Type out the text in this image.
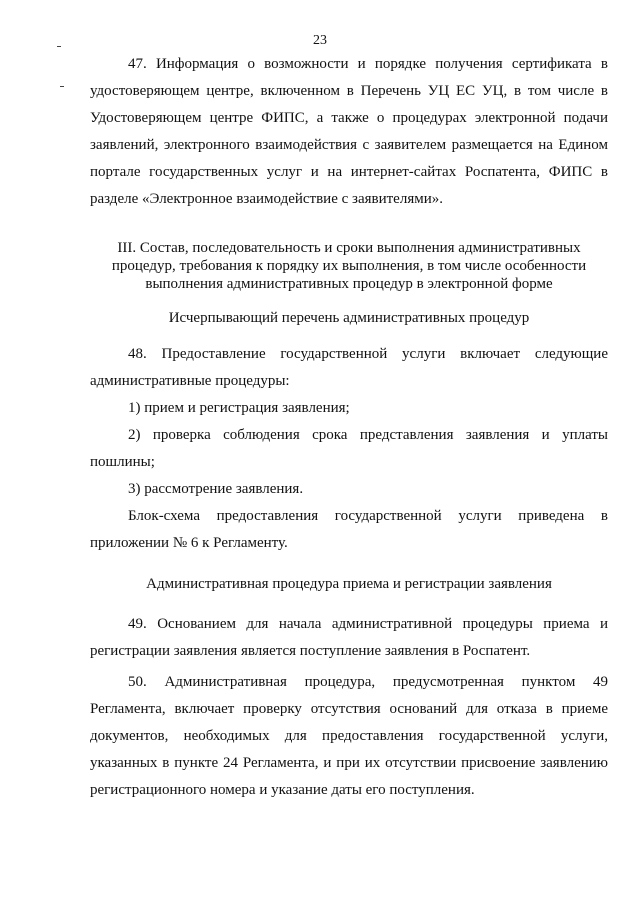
23

47. Информация о возможности и порядке получения сертификата в удостоверяющем центре, включенном в Перечень УЦ ЕС УЦ, в том числе в Удостоверяющем центре ФИПС, а также о процедурах электронной подачи заявлений, электронного взаимодействия с заявителем размещается на Едином портале государственных услуг и на интернет-сайтах Роспатента, ФИПС в разделе «Электронное взаимодействие с заявителями».

III. Состав, последовательность и сроки выполнения административных

процедур, требования к порядку их выполнения, в том числе особенности

выполнения административных процедур в электронной форме

Исчерпывающий перечень административных процедур

48. Предоставление государственной услуги включает следующие административные процедуры:

1) прием и регистрация заявления;

2) проверка соблюдения срока представления заявления и уплаты пошлины;

3) рассмотрение заявления.

Блок-схема предоставления государственной услуги приведена в приложении № 6 к Регламенту.

Административная процедура приема и регистрации заявления

49. Основанием для начала административной процедуры приема и регистрации заявления является поступление заявления в Роспатент.

50. Административная процедура, предусмотренная пунктом 49 Регламента, включает проверку отсутствия оснований для отказа в приеме документов, необходимых для предоставления государственной услуги, указанных в пункте 24 Регламента, и при их отсутствии присвоение заявлению регистрационного номера и указание даты его поступления.
